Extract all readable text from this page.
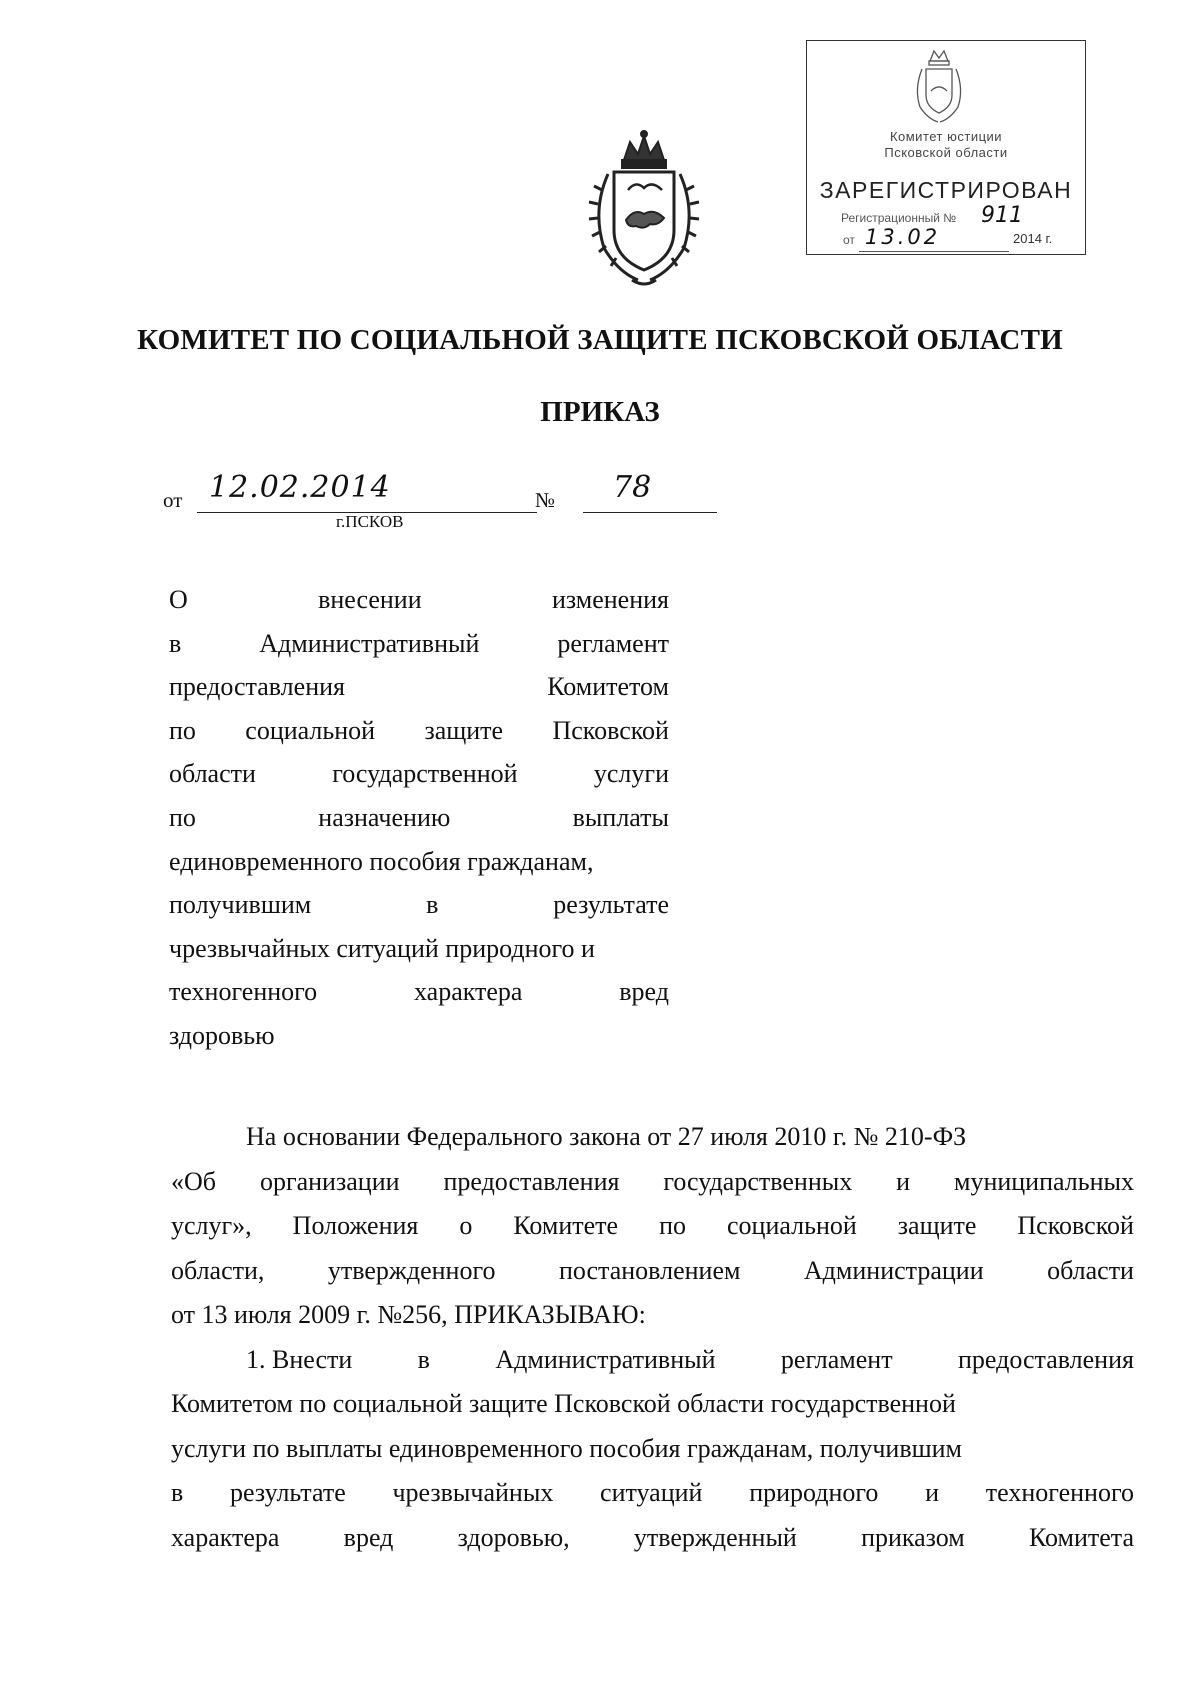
Комитет юстиции
Псковской области
ЗАРЕГИСТРИРОВАН
Регистрационный № 911
от 13.02	2014 г.
КОМИТЕТ ПО СОЦИАЛЬНОЙ ЗАЩИТЕ ПСКОВСКОЙ ОБЛАСТИ
ПРИКАЗ
от 12.02.2014	№ 78
г.ПСКОВ
О	внесении	изменения
в	Административный	регламент
предоставления	Комитетом
по социальной защите Псковской
области	государственной	услуги
по	назначению	выплаты
единовременного пособия гражданам,
получившим	в	результате
чрезвычайных ситуаций природного и
техногенного	характера	вред
здоровью
На основании Федерального закона от 27 июля 2010 г. № 210-ФЗ
«Об организации предоставления государственных и муниципальных
услуг», Положения о Комитете по социальной защите Псковской
области, утвержденного постановлением Администрации области
от 13 июля 2009 г. №256, ПРИКАЗЫВАЮ:
1. Внести	в	Административный	регламент	предоставления
Комитетом по социальной защите Псковской области государственной
услуги по выплаты единовременного пособия гражданам, получившим
в результате чрезвычайных ситуаций природного и техногенного
характера вред здоровью, утвержденный приказом Комитета
